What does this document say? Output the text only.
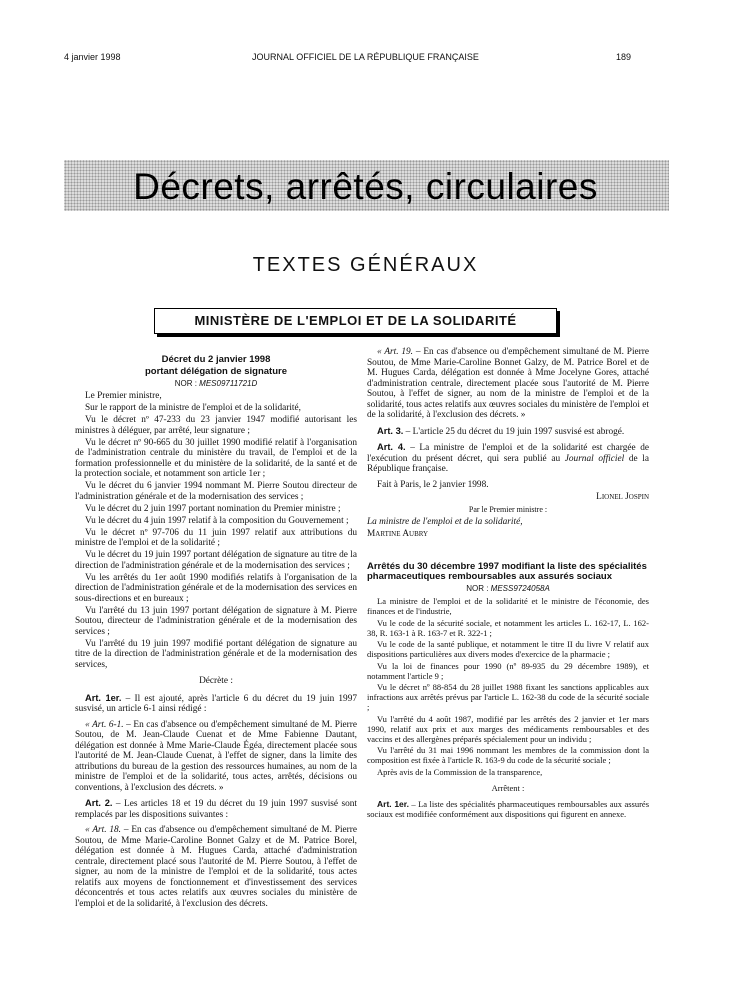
4 janvier 1998	JOURNAL OFFICIEL DE LA RÉPUBLIQUE FRANÇAISE	189
Décrets, arrêtés, circulaires
TEXTES GÉNÉRAUX
MINISTÈRE DE L'EMPLOI ET DE LA SOLIDARITÉ

Décret du 2 janvier 1998

portant délégation de signature

NOR : MES09711721D

Le Premier ministre,

Sur le rapport de la ministre de l'emploi et de la solidarité,

Vu le décret nº 47-233 du 23 janvier 1947 modifié autorisant les ministres à déléguer, par arrêté, leur signature ;

Vu le décret nº 90-665 du 30 juillet 1990 modifié relatif à l'organisation de l'administration centrale du ministère du travail, de l'emploi et de la formation professionnelle et du ministère de la solidarité, de la santé et de la protection sociale, et notamment son article 1er ;

Vu le décret du 6 janvier 1994 nommant M. Pierre Soutou directeur de l'administration générale et de la modernisation des services ;

Vu le décret du 2 juin 1997 portant nomination du Premier ministre ;

Vu le décret du 4 juin 1997 relatif à la composition du Gouvernement ;

Vu le décret nº 97-706 du 11 juin 1997 relatif aux attributions du ministre de l'emploi et de la solidarité ;

Vu le décret du 19 juin 1997 portant délégation de signature au titre de la direction de l'administration générale et de la modernisation des services ;

Vu les arrêtés du 1er août 1990 modifiés relatifs à l'organisation de la direction de l'administration générale et de la modernisation des services en sous-directions et en bureaux ;

Vu l'arrêté du 13 juin 1997 portant délégation de signature à M. Pierre Soutou, directeur de l'administration générale et de la modernisation des services ;

Vu l'arrêté du 19 juin 1997 modifié portant délégation de signature au titre de la direction de l'administration générale et de la modernisation des services,

Décrète :

Art. 1er. – Il est ajouté, après l'article 6 du décret du 19 juin 1997 susvisé, un article 6-1 ainsi rédigé :

« Art. 6-1. – En cas d'absence ou d'empêchement simultané de M. Pierre Soutou, de M. Jean-Claude Cuenat et de Mme Fabienne Dautant, délégation est donnée à Mme Marie-Claude Égéa, directement placée sous l'autorité de M. Jean-Claude Cuenat, à l'effet de signer, dans la limite des attributions du bureau de la gestion des ressources humaines, au nom de la ministre de l'emploi et de la solidarité, tous actes, arrêtés, décisions ou conventions, à l'exclusion des décrets. »

Art. 2. – Les articles 18 et 19 du décret du 19 juin 1997 susvisé sont remplacés par les dispositions suivantes :

« Art. 18. – En cas d'absence ou d'empêchement simultané de M. Pierre Soutou, de Mme Marie-Caroline Bonnet Galzy et de M. Patrice Borel, délégation est donnée à M. Hugues Carda, attaché d'administration centrale, directement placé sous l'autorité de M. Pierre Soutou, à l'effet de signer, au nom de la ministre de l'emploi et de la solidarité, tous actes relatifs aux moyens de fonctionnement et d'investissement des services déconcentrés et tous actes relatifs aux œuvres sociales du ministère de l'emploi et de la solidarité, à l'exclusion des décrets.

« Art. 19. – En cas d'absence ou d'empêchement simultané de M. Pierre Soutou, de Mme Marie-Caroline Bonnet Galzy, de M. Patrice Borel et de M. Hugues Carda, délégation est donnée à Mme Jocelyne Gores, attaché d'administration centrale, directement placée sous l'autorité de M. Pierre Soutou, à l'effet de signer, au nom de la ministre de l'emploi et de la solidarité, tous actes relatifs aux œuvres sociales du ministère de l'emploi et de la solidarité, à l'exclusion des décrets. »

Art. 3. – L'article 25 du décret du 19 juin 1997 susvisé est abrogé.

Art. 4. – La ministre de l'emploi et de la solidarité est chargée de l'exécution du présent décret, qui sera publié au Journal officiel de la République française.

Fait à Paris, le 2 janvier 1998.

Lionel Jospin

Par le Premier ministre :

La ministre de l'emploi et de la solidarité,

Martine Aubry

Arrêtés du 30 décembre 1997 modifiant la liste des spécialités pharmaceutiques remboursables aux assurés sociaux

NOR : MESS9724058A

La ministre de l'emploi et de la solidarité et le ministre de l'économie, des finances et de l'industrie,

Vu le code de la sécurité sociale, et notamment les articles L. 162-17, L. 162-38, R. 163-1 à R. 163-7 et R. 322-1 ;

Vu le code de la santé publique, et notamment le titre II du livre V relatif aux dispositions particulières aux divers modes d'exercice de la pharmacie ;

Vu la loi de finances pour 1990 (nº 89-935 du 29 décembre 1989), et notamment l'article 9 ;

Vu le décret nº 88-854 du 28 juillet 1988 fixant les sanctions applicables aux infractions aux arrêtés prévus par l'article L. 162-38 du code de la sécurité sociale ;

Vu l'arrêté du 4 août 1987, modifié par les arrêtés des 2 janvier et 1er mars 1990, relatif aux prix et aux marges des médicaments remboursables et des vaccins et des allergènes préparés spécialement pour un individu ;

Vu l'arrêté du 31 mai 1996 nommant les membres de la commission dont la composition est fixée à l'article R. 163-9 du code de la sécurité sociale ;

Après avis de la Commission de la transparence,

Arrêtent :

Art. 1er. – La liste des spécialités pharmaceutiques remboursables aux assurés sociaux est modifiée conformément aux dispositions qui figurent en annexe.
